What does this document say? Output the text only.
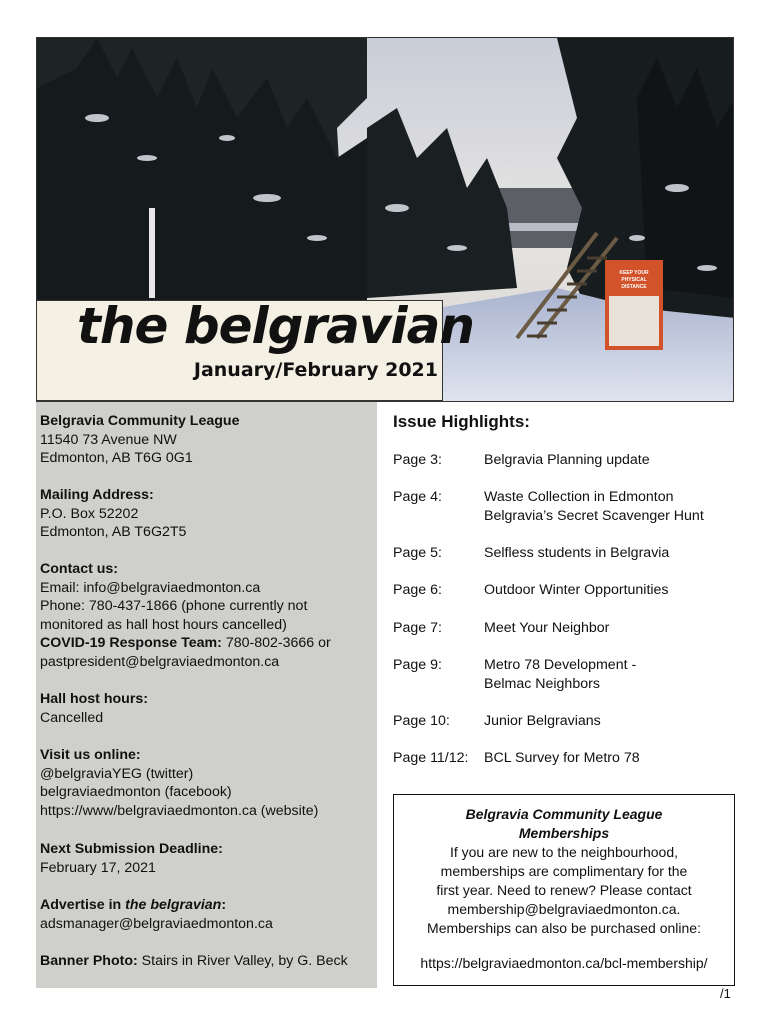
KEEP YOUR
PHYSICAL
DISTANCE
the belgravian
January/February 2021
Belgravia Community League
11540 73 Avenue NW
Edmonton, AB T6G 0G1
Mailing Address:
P.O. Box 52202
Edmonton, AB T6G2T5
Contact us:
Email: info@belgraviaedmonton.ca
Phone: 780-437-1866 (phone currently not
monitored as hall host hours cancelled)
COVID-19 Response Team: 780-802-3666 or
pastpresident@belgraviaedmonton.ca
Hall host hours:
Cancelled
Visit us online:
@belgraviaYEG (twitter)
belgraviaedmonton (facebook)
https://www/belgraviaedmonton.ca (website)
Next Submission Deadline:
February 17, 2021
Advertise in the belgravian:
adsmanager@belgraviaedmonton.ca
Banner Photo: Stairs in River Valley, by G. Beck
Issue Highlights:
Page 3:	Belgravia Planning update
Page 4:	Waste Collection in Edmonton
Belgravia’s Secret Scavenger Hunt
Page 5:	Selfless students in Belgravia
Page 6:	Outdoor Winter Opportunities
Page 7:	Meet Your Neighbor
Page 9:	Metro 78 Development -
Belmac Neighbors
Page 10: Junior Belgravians
Page 11/12: BCL Survey for Metro 78
Belgravia Community League
Memberships
If you are new to the neighbourhood,
memberships are complimentary for the
first year. Need to renew? Please contact
membership@belgraviaedmonton.ca.
Memberships can also be purchased online:
https://belgraviaedmonton.ca/bcl-membership/
/1
